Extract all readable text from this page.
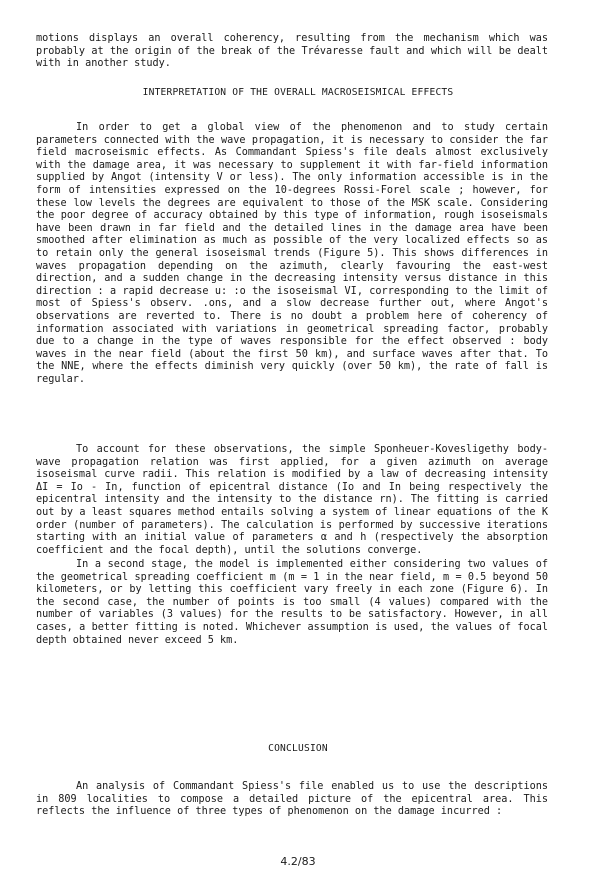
motions displays an overall coherency, resulting from the mechanism which was probably at the origin of the break of the Trévaresse fault and which will be dealt with in another study.

INTERPRETATION OF THE OVERALL MACROSEISMICAL EFFECTS

In order to get a global view of the phenomenon and to study certain parameters connected with the wave propagation, it is necessary to consider the far field macroseismic effects. As Commandant Spiess's file deals almost exclusively with the damage area, it was necessary to supplement it with far-field information supplied by Angot (intensity V or less). The only information accessible is in the form of intensities expressed on the 10-degrees Rossi-Forel scale ; however, for these low levels the degrees are equivalent to those of the MSK scale. Considering the poor degree of accuracy obtained by this type of information, rough isoseismals have been drawn in far field and the detailed lines in the damage area have been smoothed after elimination as much as possible of the very localized effects so as to retain only the general isoseismal trends (Figure 5). This shows differences in waves propagation depending on the azimuth, clearly favouring the east-west direction, and a sudden change in the decreasing intensity versus distance in this direction : a rapid decrease u: :o the isoseismal VI, corresponding to the limit of most of Spiess's observ. .ons, and a slow decrease further out, where Angot's observations are reverted to. There is no doubt a problem here of coherency of information associated with variations in geometrical spreading factor, probably due to a change in the type of waves responsible for the effect observed : body waves in the near field (about the first 50 km), and surface waves after that. To the NNE, where the effects diminish very quickly (over 50 km), the rate of fall is regular.

To account for these observations, the simple Sponheuer-Kovesligethy body-wave propagation relation was first applied, for a given azimuth on average isoseismal curve radii. This relation is modified by a law of decreasing intensity ΔI = Io - In, function of epicentral distance (Io and In being respectively the epicentral intensity and the intensity to the distance rn). The fitting is carried out by a least squares method entails solving a system of linear equations of the K order (number of parameters). The calculation is performed by successive iterations starting with an initial value of parameters α and h (respectively the absorption coefficient and the focal depth), until the solutions converge.

In a second stage, the model is implemented either considering two values of the geometrical spreading coefficient m (m = 1 in the near field, m = 0.5 beyond 50 kilometers, or by letting this coefficient vary freely in each zone (Figure 6). In the second case, the number of points is too small (4 values) compared with the number of variables (3 values) for the results to be satisfactory. However, in all cases, a better fitting is noted. Whichever assumption is used, the values of focal depth obtained never exceed 5 km.

CONCLUSION

An analysis of Commandant Spiess's file enabled us to use the descriptions in 809 localities to compose a detailed picture of the epicentral area. This reflects the influence of three types of phenomenon on the damage incurred :

4.2/83
